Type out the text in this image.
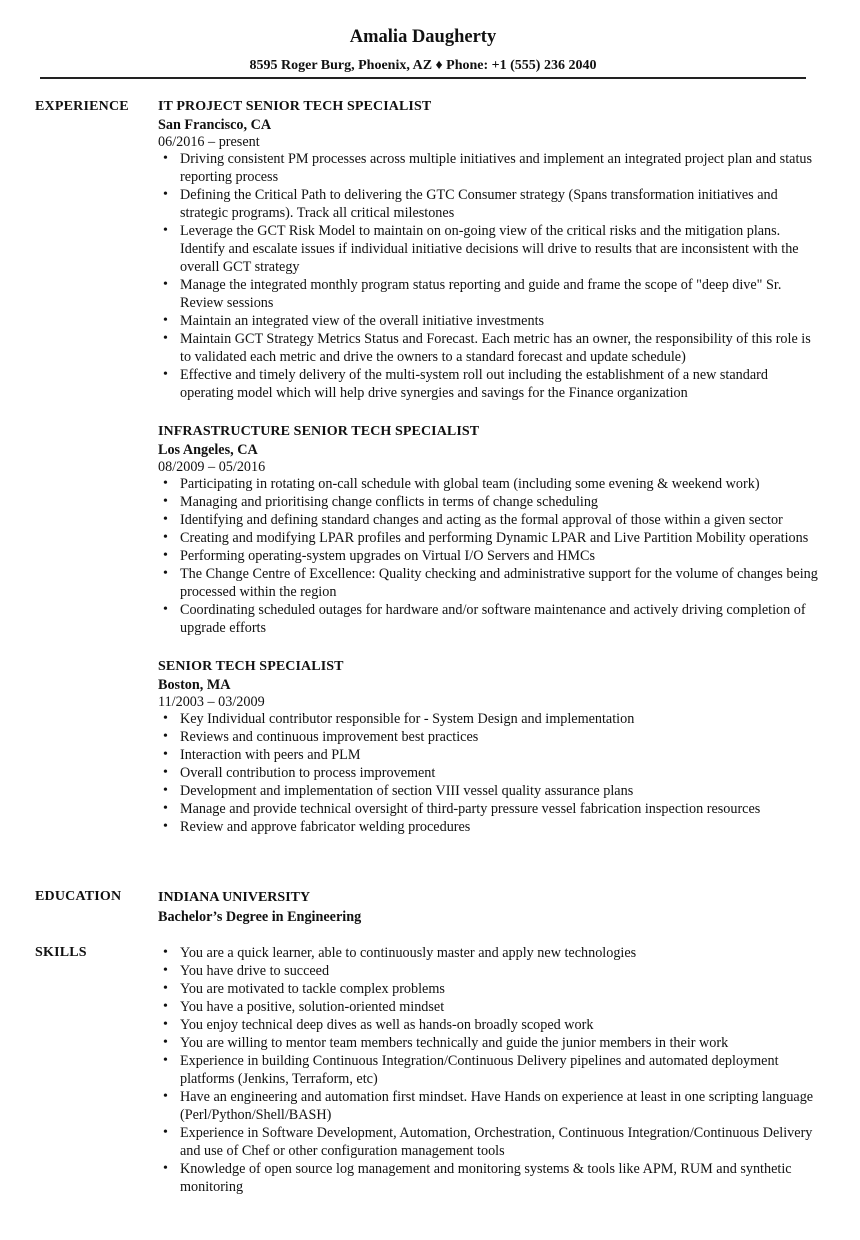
Amalia Daugherty
8595 Roger Burg, Phoenix, AZ ♦ Phone: +1 (555) 236 2040
EXPERIENCE IT PROJECT SENIOR TECH SPECIALIST
San Francisco, CA
06/2016 – present
• Driving consistent PM processes across multiple initiatives and implement an integrated project plan and status reporting process
• Defining the Critical Path to delivering the GTC Consumer strategy (Spans transformation initiatives and strategic programs). Track all critical milestones
• Leverage the GCT Risk Model to maintain on on-going view of the critical risks and the mitigation plans. Identify and escalate issues if individual initiative decisions will drive to results that are inconsistent with the overall GCT strategy
• Manage the integrated monthly program status reporting and guide and frame the scope of "deep dive" Sr. Review sessions
• Maintain an integrated view of the overall initiative investments
• Maintain GCT Strategy Metrics Status and Forecast. Each metric has an owner, the responsibility of this role is to validated each metric and drive the owners to a standard forecast and update schedule)
• Effective and timely delivery of the multi-system roll out including the establishment of a new standard operating model which will help drive synergies and savings for the Finance organization
INFRASTRUCTURE SENIOR TECH SPECIALIST
Los Angeles, CA
08/2009 – 05/2016
• Participating in rotating on-call schedule with global team (including some evening & weekend work)
• Managing and prioritising change conflicts in terms of change scheduling
• Identifying and defining standard changes and acting as the formal approval of those within a given sector
• Creating and modifying LPAR profiles and performing Dynamic LPAR and Live Partition Mobility operations
• Performing operating-system upgrades on Virtual I/O Servers and HMCs
• The Change Centre of Excellence: Quality checking and administrative support for the volume of changes being processed within the region
• Coordinating scheduled outages for hardware and/or software maintenance and actively driving completion of upgrade efforts
SENIOR TECH SPECIALIST
Boston, MA
11/2003 – 03/2009
• Key Individual contributor responsible for - System Design and implementation
• Reviews and continuous improvement best practices
• Interaction with peers and PLM
• Overall contribution to process improvement
• Development and implementation of section VIII vessel quality assurance plans
• Manage and provide technical oversight of third-party pressure vessel fabrication inspection resources
• Review and approve fabricator welding procedures
EDUCATION	INDIANA UNIVERSITY
Bachelor’s Degree in Engineering
SKILLS
•	You are a quick learner, able to continuously master and apply new technologies
• You have drive to succeed
• You are motivated to tackle complex problems
• You have a positive, solution-oriented mindset
• You enjoy technical deep dives as well as hands-on broadly scoped work
• You are willing to mentor team members technically and guide the junior members in their work
• Experience in building Continuous Integration/Continuous Delivery pipelines and automated deployment platforms (Jenkins, Terraform, etc)
• Have an engineering and automation first mindset. Have Hands on experience at least in one scripting language (Perl/Python/Shell/BASH)
• Experience in Software Development, Automation, Orchestration, Continuous Integration/Continuous Delivery and use of Chef or other configuration management tools
• Knowledge of open source log management and monitoring systems & tools like APM, RUM and synthetic monitoring
